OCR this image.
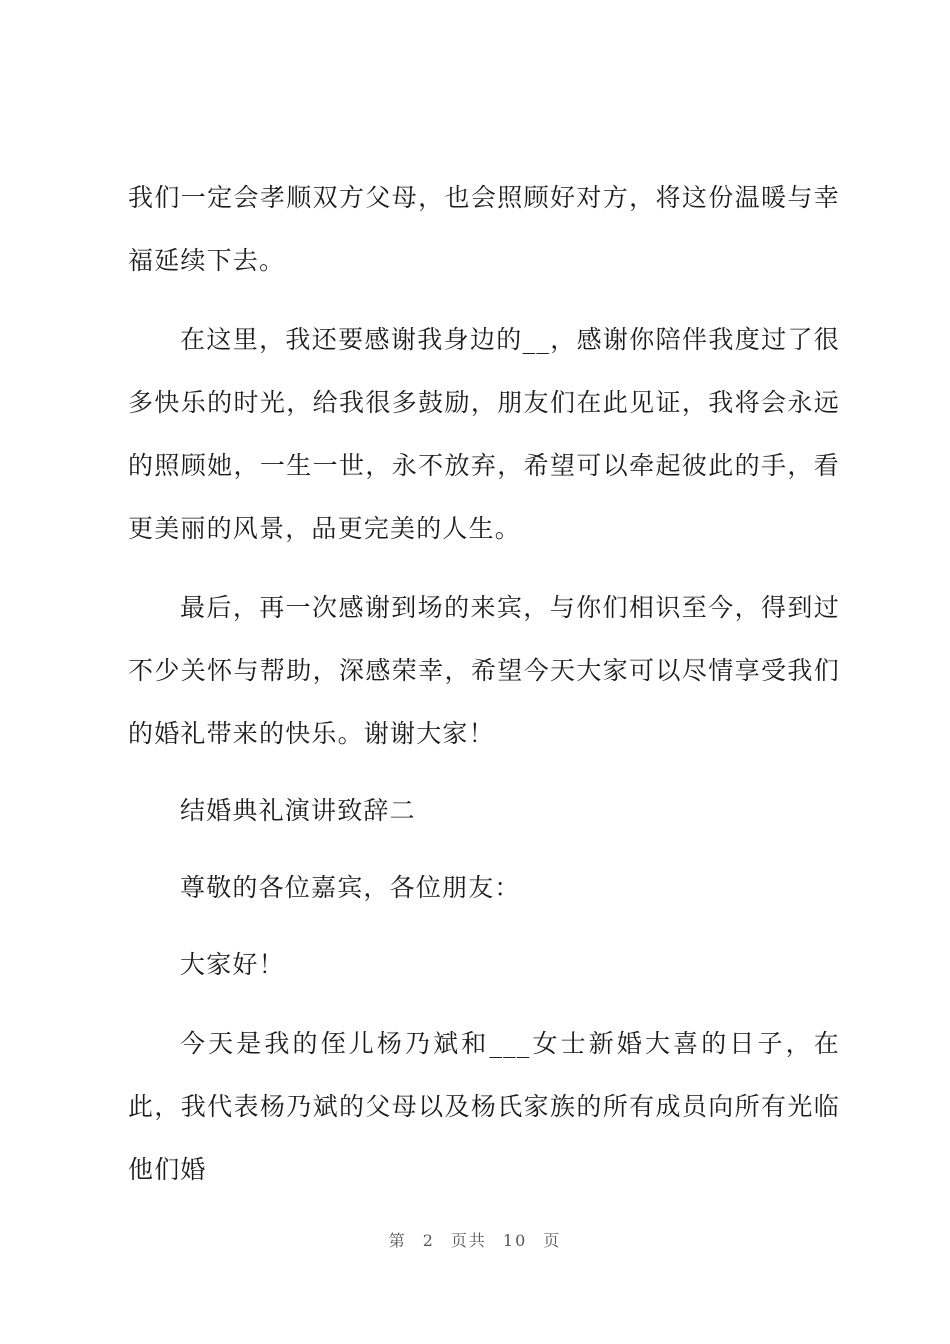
我们一定会孝顺双方父母，也会照顾好对方，将这份温暖与幸福延续下去。

在这里，我还要感谢我身边的__，感谢你陪伴我度过了很多快乐的时光，给我很多鼓励，朋友们在此见证，我将会永远的照顾她，一生一世，永不放弃，希望可以牵起彼此的手，看更美丽的风景，品更完美的人生。

最后，再一次感谢到场的来宾，与你们相识至今，得到过不少关怀与帮助，深感荣幸，希望今天大家可以尽情享受我们的婚礼带来的快乐。谢谢大家！

结婚典礼演讲致辞二

尊敬的各位嘉宾，各位朋友：

大家好！

今天是我的侄儿杨乃斌和___女士新婚大喜的日子，在此，我代表杨乃斌的父母以及杨氏家族的所有成员向所有光临他们婚

第 2 页共 10 页
